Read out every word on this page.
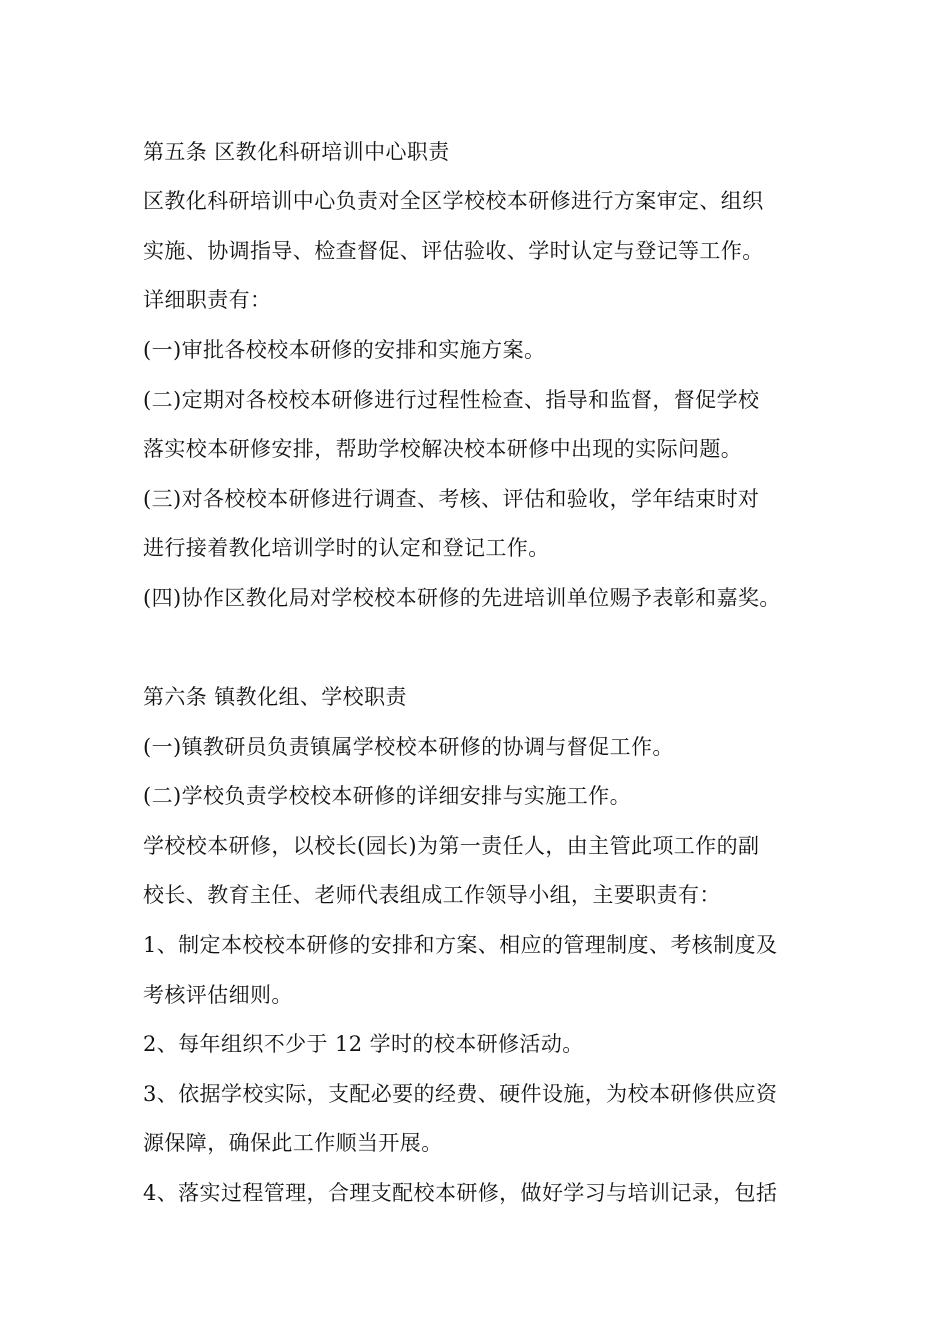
第五条 区教化科研培训中心职责
区教化科研培训中心负责对全区学校校本研修进行方案审定、组织
实施、协调指导、检查督促、评估验收、学时认定与登记等工作。
详细职责有：
(一)审批各校校本研修的安排和实施方案。
(二)定期对各校校本研修进行过程性检查、指导和监督，督促学校
落实校本研修安排，帮助学校解决校本研修中出现的实际问题。
(三)对各校校本研修进行调查、考核、评估和验收，学年结束时对
进行接着教化培训学时的认定和登记工作。
(四)协作区教化局对学校校本研修的先进培训单位赐予表彰和嘉奖。
第六条 镇教化组、学校职责
(一)镇教研员负责镇属学校校本研修的协调与督促工作。
(二)学校负责学校校本研修的详细安排与实施工作。
学校校本研修，以校长(园长)为第一责任人，由主管此项工作的副
校长、教育主任、老师代表组成工作领导小组，主要职责有：
1、制定本校校本研修的安排和方案、相应的管理制度、考核制度及
考核评估细则。
2、每年组织不少于 12 学时的校本研修活动。
3、依据学校实际，支配必要的经费、硬件设施，为校本研修供应资
源保障，确保此工作顺当开展。
4、落实过程管理，合理支配校本研修，做好学习与培训记录，包括
